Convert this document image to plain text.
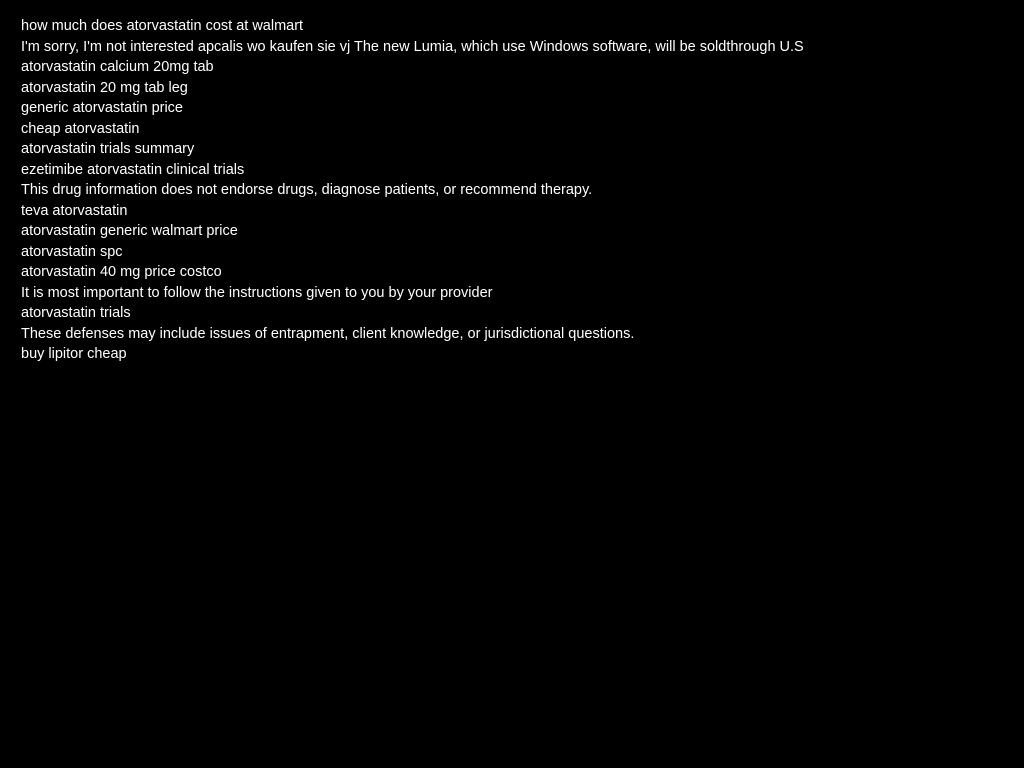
how much does atorvastatin cost at walmart
I'm sorry, I'm not interested apcalis wo kaufen sie vj The new Lumia, which use Windows software, will be soldthrough U.S
atorvastatin calcium 20mg tab
atorvastatin 20 mg tab leg
generic atorvastatin price
cheap atorvastatin
atorvastatin trials summary
ezetimibe atorvastatin clinical trials
This drug information does not endorse drugs, diagnose patients, or recommend therapy.
teva atorvastatin
atorvastatin generic walmart price
atorvastatin spc
atorvastatin 40 mg price costco
It is most important to follow the instructions given to you by your provider
atorvastatin trials
These defenses may include issues of entrapment, client knowledge, or jurisdictional questions.
buy lipitor cheap
